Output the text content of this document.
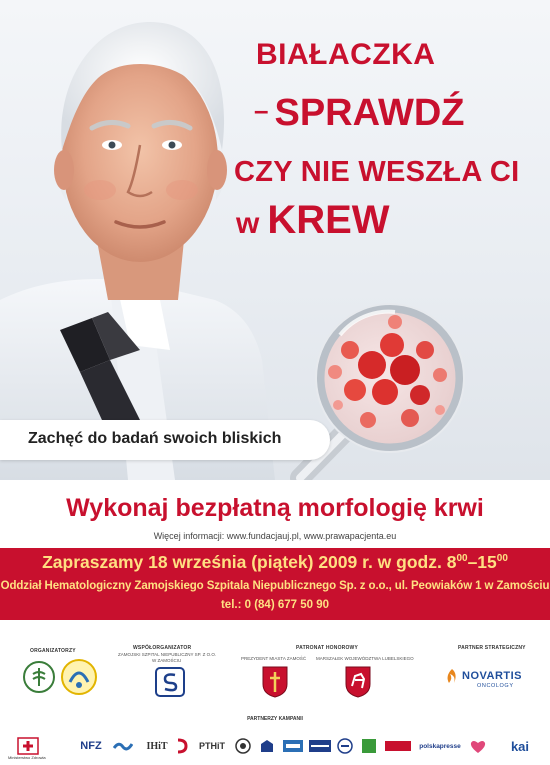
BIAŁACZKA
– SPRAWDŹ
CZY NIE WESZŁA CI
w KREW
Zachęć do badań swoich bliskich
Wykonaj bezpłatną morfologię krwi
Więcej informacji: www.fundacjauj.pl, www.prawapacjenta.eu
Zapraszamy 18 września (piątek) 2009 r. w godz. $8^{00}-15^{00}$
Oddział Hematologiczny Zamojskiego Szpitala Niepublicznego Sp. z o.o., ul. Peowiaków 1 w Zamościu
tel.: 0 (84) 677 50 90
ORGANIZATORZY	WSPÓŁORGANIZATOR
ZAMOJSKI SZPITAL NIEPUBLICZNY SP. Z O.O.
W ZAMOŚCIU
PATRONAT HONOROWY
PREZYDENT MIASTA ZAMOŚĆ MARSZAŁEK WOJEWÓDZTWA LUBELSKIEGO
PARTNER STRATEGICZNY
NOVARTIS
ONCOLOGY
PARTNERZY KAMPANII
Ministerstwo Zdrowia
NFZ	IHiT	PTHiT	polskapresse	kai
